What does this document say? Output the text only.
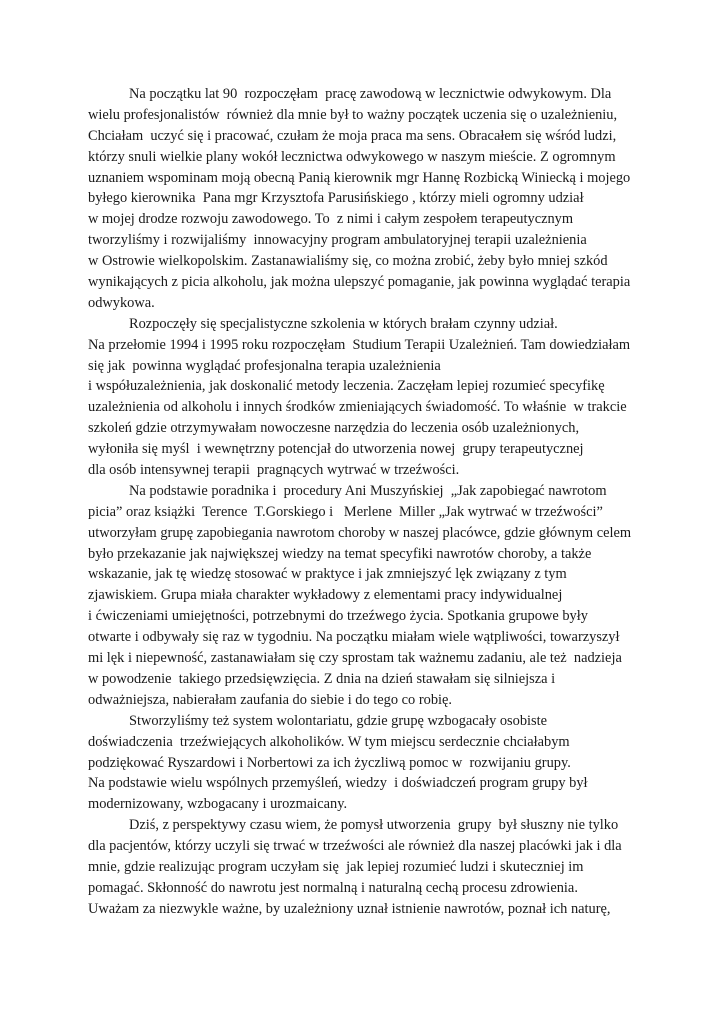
Na początku lat 90  rozpoczęłam  pracę zawodową w lecznictwie odwykowym. Dla
wielu profesjonalistów  również dla mnie był to ważny początek uczenia się o uzależnieniu,
Chciałam  uczyć się i pracować, czułam że moja praca ma sens. Obracałem się wśród ludzi,
którzy snuli wielkie plany wokół lecznictwa odwykowego w naszym mieście. Z ogromnym
uznaniem wspominam moją obecną Panią kierownik mgr Hannę Rozbicką Winiecką i mojego
byłego kierownika  Pana mgr Krzysztofa Parusińskiego , którzy mieli ogromny udział
w mojej drodze rozwoju zawodowego. To  z nimi i całym zespołem terapeutycznym
tworzyliśmy i rozwijaliśmy  innowacyjny program ambulatoryjnej terapii uzależnienia
w Ostrowie wielkopolskim. Zastanawialiśmy się, co można zrobić, żeby było mniej szkód
wynikających z picia alkoholu, jak można ulepszyć pomaganie, jak powinna wyglądać terapia
odwykowa.
Rozpoczęły się specjalistyczne szkolenia w których brałam czynny udział.
Na przełomie 1994 i 1995 roku rozpoczęłam  Studium Terapii Uzależnień. Tam dowiedziałam
się jak  powinna wyglądać profesjonalna terapia uzależnienia
i współuzależnienia, jak doskonalić metody leczenia. Zaczęłam lepiej rozumieć specyfikę
uzależnienia od alkoholu i innych środków zmieniających świadomość. To właśnie  w trakcie
szkoleń gdzie otrzymywałam nowoczesne narzędzia do leczenia osób uzależnionych,
wyłoniła się myśl  i wewnętrzny potencjał do utworzenia nowej  grupy terapeutycznej
dla osób intensywnej terapii  pragnących wytrwać w trzeźwości.
Na podstawie poradnika i  procedury Ani Muszyńskiej  „Jak zapobiegać nawrotom
picia” oraz książki  Terence  T.Gorskiego i   Merlene  Miller „Jak wytrwać w trzeźwości”
utworzyłam grupę zapobiegania nawrotom choroby w naszej placówce, gdzie głównym celem
było przekazanie jak największej wiedzy na temat specyfiki nawrotów choroby, a także
wskazanie, jak tę wiedzę stosować w praktyce i jak zmniejszyć lęk związany z tym
zjawiskiem. Grupa miała charakter wykładowy z elementami pracy indywidualnej
i ćwiczeniami umiejętności, potrzebnymi do trzeźwego życia. Spotkania grupowe były
otwarte i odbywały się raz w tygodniu. Na początku miałam wiele wątpliwości, towarzyszył
mi lęk i niepewność, zastanawiałam się czy sprostam tak ważnemu zadaniu, ale też  nadzieja
w powodzenie  takiego przedsięwzięcia. Z dnia na dzień stawałam się silniejsza i
odważniejsza, nabierałam zaufania do siebie i do tego co robię.
Stworzyliśmy też system wolontariatu, gdzie grupę wzbogacały osobiste
doświadczenia  trzeźwiejących alkoholików. W tym miejscu serdecznie chciałabym
podziękować Ryszardowi i Norbertowi za ich życzliwą pomoc w  rozwijaniu grupy.
Na podstawie wielu wspólnych przemyśleń, wiedzy  i doświadczeń program grupy był
modernizowany, wzbogacany i urozmaicany.
Dziś, z perspektywy czasu wiem, że pomysł utworzenia  grupy  był słuszny nie tylko
dla pacjentów, którzy uczyli się trwać w trzeźwości ale również dla naszej placówki jak i dla
mnie, gdzie realizując program uczyłam się  jak lepiej rozumieć ludzi i skuteczniej im
pomagać. Skłonność do nawrotu jest normalną i naturalną cechą procesu zdrowienia.
Uważam za niezwykle ważne, by uzależniony uznał istnienie nawrotów, poznał ich naturę,
